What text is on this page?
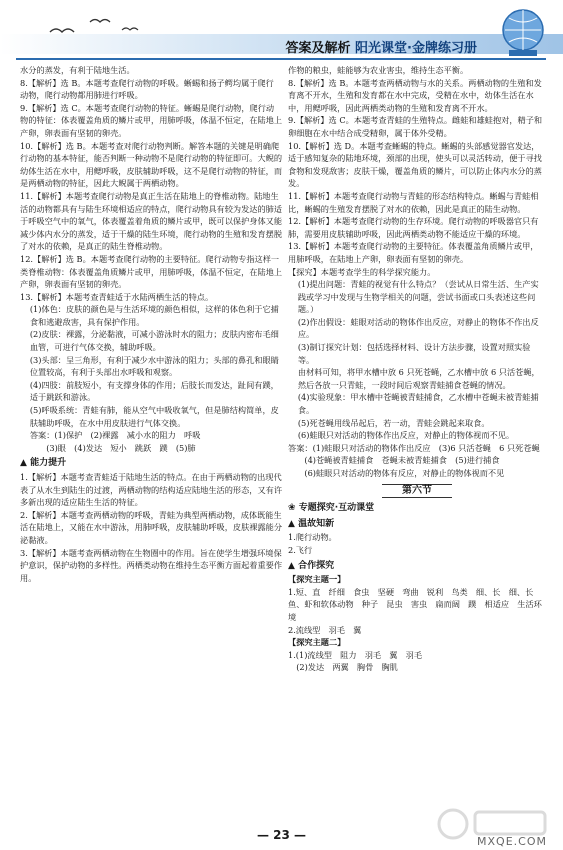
答案及解析 阳光课堂·金牌练习册

水分的蒸发，有利于陆地生活。

8.【解析】选 B。本题考查爬行动物的呼吸。蜥蜴和扬子鳄均属于爬行动物，爬行动物都用肺进行呼吸。

9.【解析】选 C。本题考查爬行动物的特征。蜥蜴是爬行动物，爬行动物的特征：体表覆盖角质的鳞片或甲，用肺呼吸，体温不恒定，在陆地上产卵，卵表面有坚韧的卵壳。

10.【解析】选 B。本题考查对爬行动物判断。解答本题的关键是明确爬行动物的基本特征，能否判断一种动物不是爬行动物的特征即可。大鲵的幼体生活在水中，用鳃呼吸，皮肤辅助呼吸，这不是爬行动物的特征，而是两栖动物的特征，因此大鲵属于两栖动物。

11.【解析】本题考查爬行动物是真正生活在陆地上的脊椎动物。陆地生活的动物都具有与陆生环境相适应的特点，爬行动物具有较为发达的肺适于呼吸空气中的氧气，体表覆盖着角质的鳞片或甲，既可以保护身体又能减少体内水分的蒸发，适于干燥的陆生环境，爬行动物的生殖和发育摆脱了对水的依赖，是真正的陆生脊椎动物。

12.【解析】选 B。本题考查爬行动物的主要特征。爬行动物专指这样一类脊椎动物：体表覆盖角质鳞片或甲，用肺呼吸，体温不恒定，在陆地上产卵，卵表面有坚韧的卵壳。

13.【解析】本题考查青蛙适于水陆两栖生活的特点。

(1)体色：皮肤的颜色是与生活环境的颜色相似，这样的体色利于它捕食和逃避敌害，具有保护作用。

(2)皮肤：裸露，分泌黏液，可减小游泳时水的阻力；皮肤内密布毛细血管，可进行气体交换，辅助呼吸。

(3)头部：呈三角形，有利于减少水中游泳的阻力；头部的鼻孔和眼睛位置较高，有利于头部出水呼吸和观察。

(4)四肢：前肢短小，有支撑身体的作用；后肢长而发达，趾间有蹼，适于跳跃和游泳。

(5)呼吸系统：青蛙有肺，能从空气中吸收氧气，但是肺结构简单，皮肤辅助呼吸，在水中用皮肤进行气体交换。

答案：(1)保护　(2)裸露　减小水的阻力　呼吸

　　(3)眼　(4)发达　短小　跳跃　蹼　(5)肺

▲ 能力提升

1.【解析】本题考查青蛙适于陆地生活的特点。在由于两栖动物的出现代表了从水生到陆生的过渡，两栖动物的结构适应陆地生活的形态，又有许多新出现的适应陆生生活的特征。

2.【解析】本题考查两栖动物的呼吸，青蛙为典型两栖动物，成体既能生活在陆地上，又能在水中游泳，用肺呼吸，皮肤辅助呼吸，皮肤裸露能分泌黏液。

3.【解析】本题考查两栖动物在生物圈中的作用。旨在使学生增强环境保护意识，保护动物的多样性。两栖类动物在维持生态平衡方面起着重要作用。

作物的粮虫，蛙能够为农业害虫，维持生态平衡。

8.【解析】选 B。本题考查两栖动物与水的关系。两栖动物的生殖和发育离不开水，生殖和发育都在水中完成，受精在水中，幼体生活在水中，用鳃呼吸，因此两栖类动物的生殖和发育离不开水。

9.【解析】选 C。本题考查青蛙的生殖特点。雌蛙和雄蛙抱对，精子和卵细胞在水中结合成受精卵，属于体外受精。

10.【解析】选 D。本题考查蜥蜴的特点。蜥蜴的头部感觉器官发达，适于感知复杂的陆地环境，颈部的出现，使头可以灵活转动，便于寻找食物和发现敌害；皮肤干燥，覆盖角质的鳞片，可以防止体内水分的蒸发。

11.【解析】本题考查爬行动物与青蛙的形态结构特点。蜥蜴与青蛙相比，蜥蜴的生殖发育摆脱了对水的依赖，因此是真正的陆生动物。

12.【解析】本题考查爬行动物的生存环境。爬行动物的呼吸器官只有肺，需要用皮肤辅助呼吸，因此两栖类动物不能适应干燥的环境。

13.【解析】本题考查爬行动物的主要特征。体表覆盖角质鳞片或甲，用肺呼吸，在陆地上产卵，卵表面有坚韧的卵壳。

【探究】本题考查学生的科学探究能力。

(1)提出问题：青蛙的视觉有什么特点？（尝试从日常生活、生产实践或学习中发现与生物学相关的问题，尝试书面或口头表述这些问题。）

(2)作出假设：蛙眼对活动的物体作出反应，对静止的物体不作出反应。

(3)制订探究计划：包括选择材料、设计方法步骤，设置对照实验等。

由材料可知，将甲水槽中放 6 只死苍蝇，乙水槽中放 6 只活苍蝇，然后各放一只青蛙，一段时间后观察青蛙捕食苍蝇的情况。

(4)实验现象：甲水槽中苍蝇被青蛙捕食，乙水槽中苍蝇未被青蛙捕食。

(5)死苍蝇用线吊起后，若一动，青蛙会跳起来取食。

(6)蛙眼只对活动的物体作出反应，对静止的物体视而不见。

答案：(1)蛙眼只对活动的物体作出反应　(3)6 只活苍蝇　6 只死苍蝇

　　(4)苍蝇被青蛙捕食　苍蝇未被青蛙捕食　(5)进行捕食

　　(6)蛙眼只对活动的物体有反应，对静止的物体视而不见

第六节
❀ 专题探究·互动课堂
▲ 温故知新

1.爬行动物。

2.飞行

▲ 合作探究

【探究主题一】

1.短、直　纤细　食虫　坚硬　弯曲　锐利　鸟类　细、长　细、长

鱼、虾和软体动物　种子　昆虫　害虫　扁而阔　蹼　相适应　生活环境

2.流线型　羽毛　翼

【探究主题二】

1.(1)流线型　阻力　羽毛　翼　羽毛

　(2)发达　两翼　胸骨　胸肌

— 23 —	MXQE.COM
